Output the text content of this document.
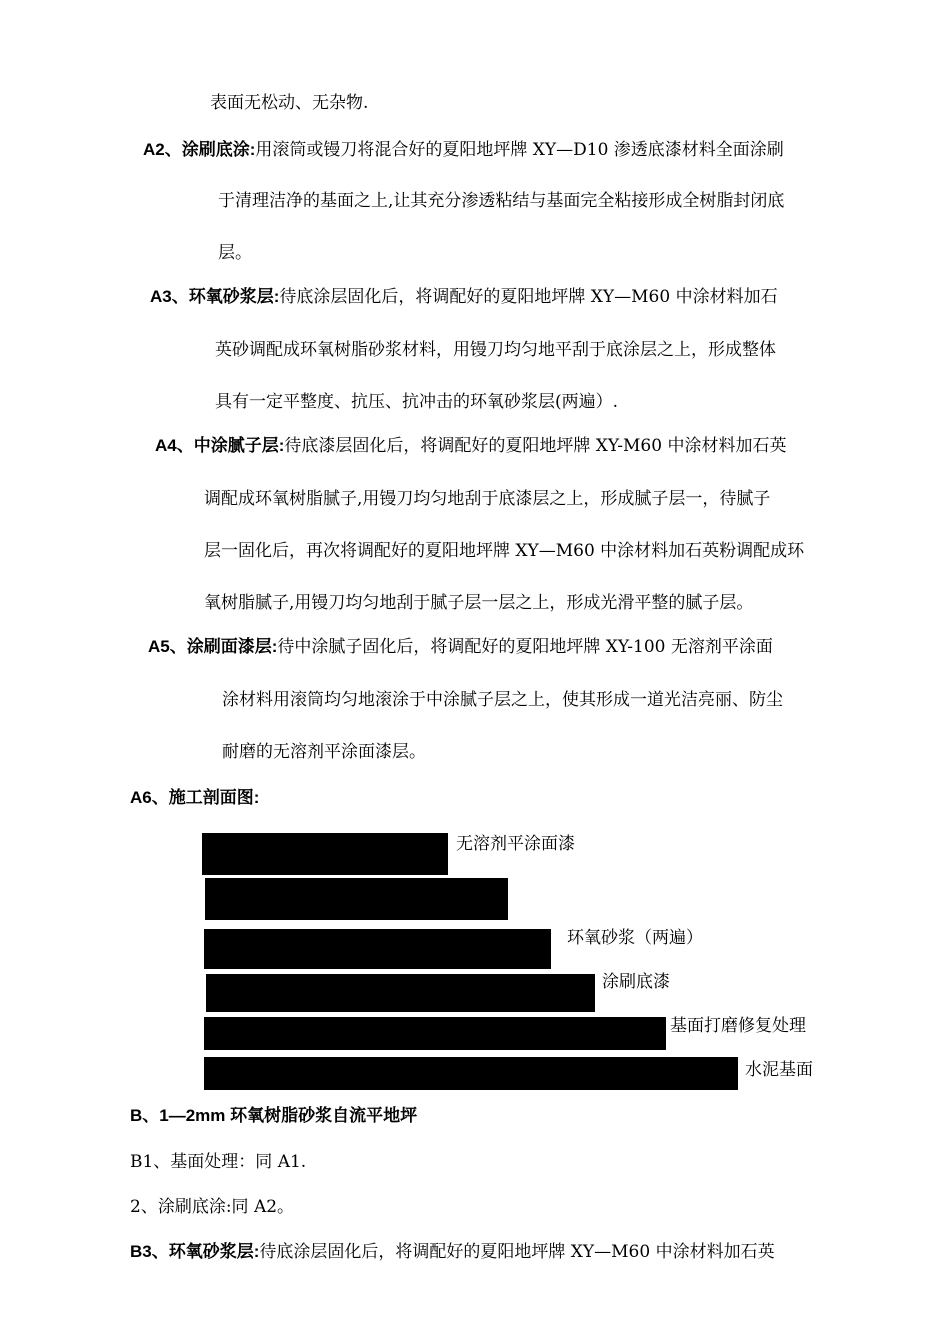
表面无松动、无杂物.
A2、涂刷底涂:用滚筒或镘刀将混合好的夏阳地坪牌 XY—D10 渗透底漆材料全面涂刷
于清理洁净的基面之上,让其充分渗透粘结与基面完全粘接形成全树脂封闭底
层。
A3、环氧砂浆层:待底涂层固化后，将调配好的夏阳地坪牌 XY—M60 中涂材料加石
英砂调配成环氧树脂砂浆材料，用镘刀均匀地平刮于底涂层之上，形成整体
具有一定平整度、抗压、抗冲击的环氧砂浆层(两遍）.
A4、中涂腻子层:待底漆层固化后，将调配好的夏阳地坪牌 XY-M60 中涂材料加石英
调配成环氧树脂腻子,用镘刀均匀地刮于底漆层之上，形成腻子层一，待腻子
层一固化后，再次将调配好的夏阳地坪牌 XY—M60 中涂材料加石英粉调配成环
氧树脂腻子,用镘刀均匀地刮于腻子层一层之上，形成光滑平整的腻子层。
A5、涂刷面漆层:待中涂腻子固化后，将调配好的夏阳地坪牌 XY-100 无溶剂平涂面
涂材料用滚筒均匀地滚涂于中涂腻子层之上，使其形成一道光洁亮丽、防尘
耐磨的无溶剂平涂面漆层。
A6、施工剖面图:
无溶剂平涂面漆
环氧砂浆（两遍）
涂刷底漆
基面打磨修复处理
水泥基面
B、1—2mm 环氧树脂砂浆自流平地坪
B1、基面处理：同 A1.
2、涂刷底涂:同 A2。
B3、环氧砂浆层:待底涂层固化后，将调配好的夏阳地坪牌 XY—M60 中涂材料加石英
